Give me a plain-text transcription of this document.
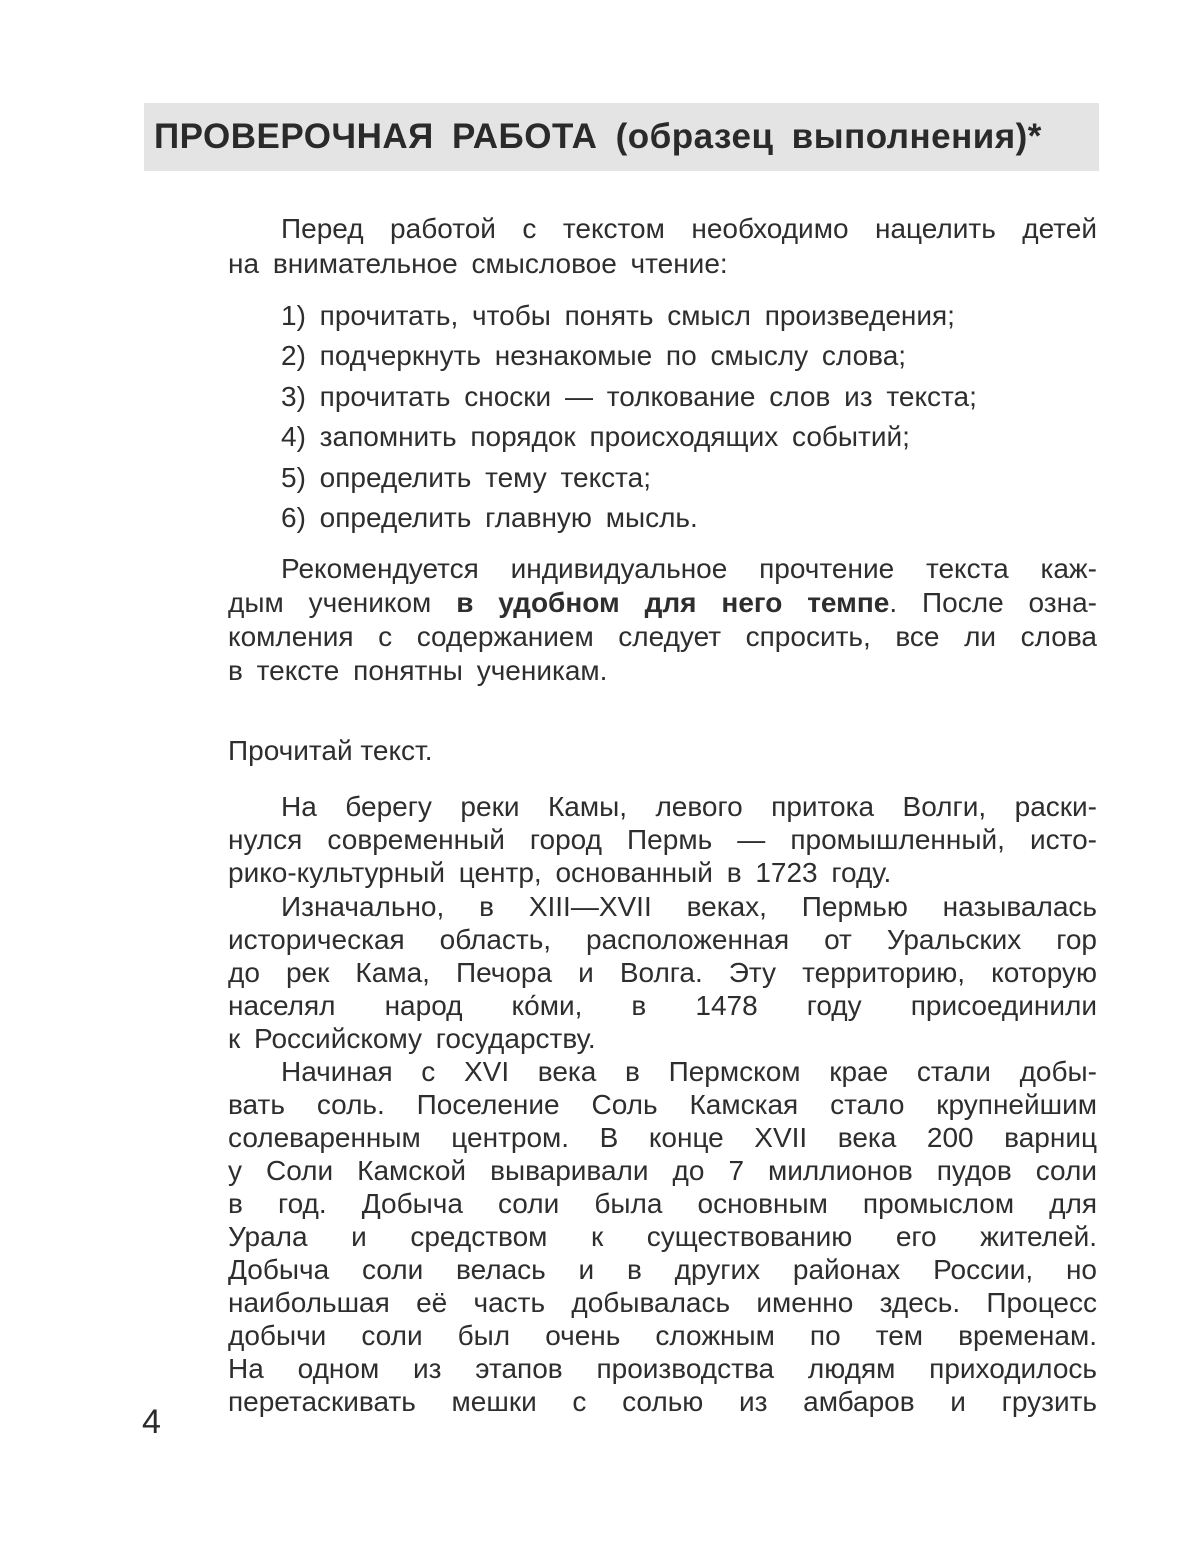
ПРОВЕРОЧНАЯ РАБОТА (образец выполнения)*
Перед работой с текстом необходимо нацелить детей
на внимательное смысловое чтение:
1) прочитать, чтобы понять смысл произведения;
2) подчеркнуть незнакомые по смыслу слова;
3) прочитать сноски — толкование слов из текста;
4) запомнить порядок происходящих событий;
5) определить тему текста;
6) определить главную мысль.
Рекомендуется индивидуальное прочтение текста каж-
дым учеником в удобном для него темпе. После озна-
комления с содержанием следует спросить, все ли слова
в тексте понятны ученикам.
Прочитай текст.
На берегу реки Камы, левого притока Волги, раски-
нулся современный город Пермь — промышленный, исто-
рико-культурный центр, основанный в 1723 году.
Изначально, в XIII—XVII веках, Пермью называлась
историческая область, расположенная от Уральских гор
до рек Кама, Печора и Волга. Эту территорию, которую
населял народ ко́ми, в 1478 году присоединили
к Российскому государству.
Начиная с XVI века в Пермском крае стали добы-
вать соль. Поселение Соль Камская стало крупнейшим
солеваренным центром. В конце XVII века 200 варниц
у Соли Камской вываривали до 7 миллионов пудов соли
в год. Добыча соли была основным промыслом для
Урала и средством к существованию его жителей.
Добыча соли велась и в других районах России, но
наибольшая её часть добывалась именно здесь. Процесс
добычи соли был очень сложным по тем временам.
На одном из этапов производства людям приходилось
перетаскивать мешки с солью из амбаров и грузить
4
